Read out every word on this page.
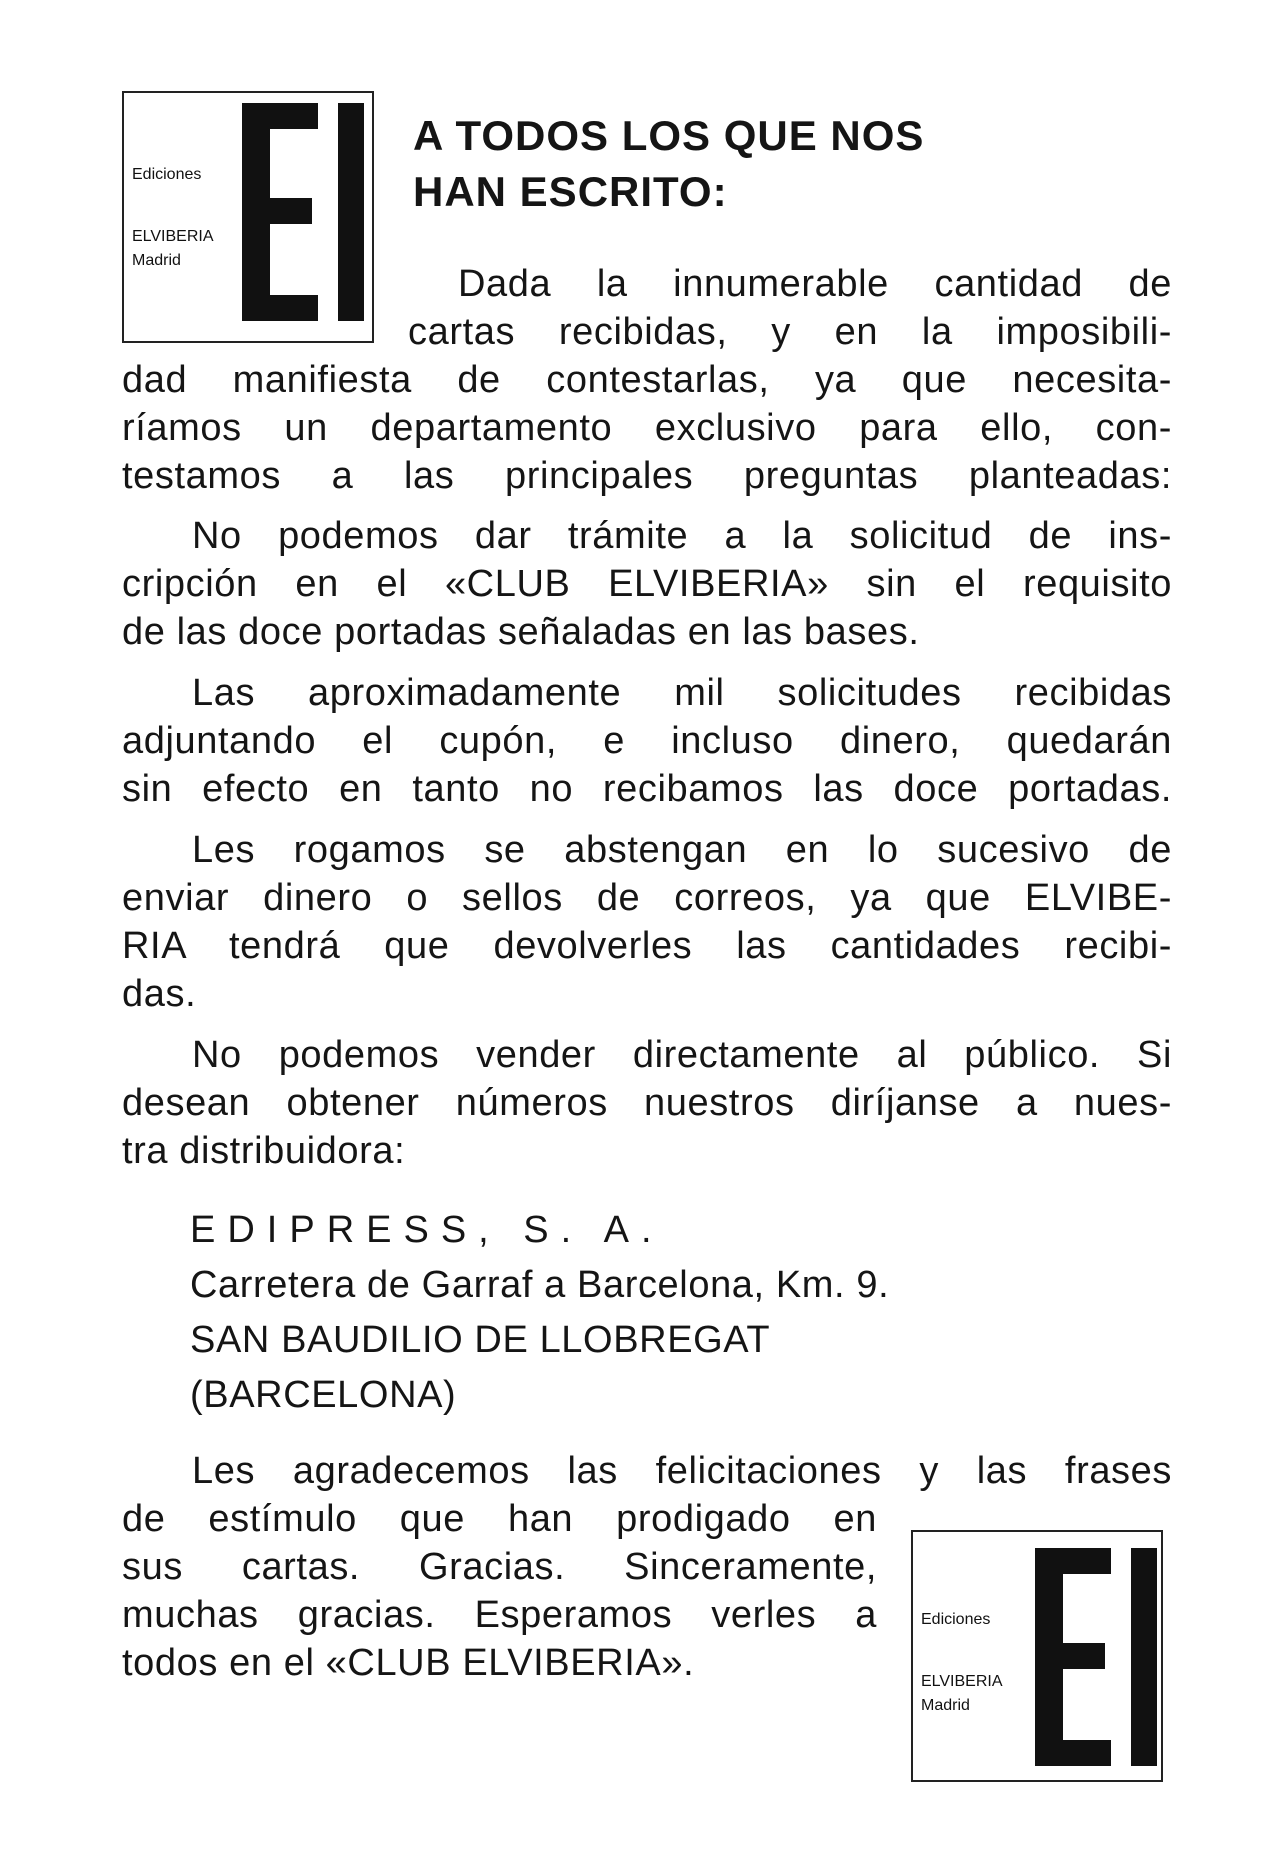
Ediciones
ELVIBERIA
Madrid
A TODOS LOS QUE NOS
HAN ESCRITO:
Dada la innumerable cantidad de
cartas recibidas, y en la imposibili-
dad manifiesta de contestarlas, ya que necesita-
ríamos un departamento exclusivo para ello, con-
testamos a las principales preguntas planteadas:
No podemos dar trámite a la solicitud de ins-
cripción en el «CLUB ELVIBERIA» sin el requisito
de las doce portadas señaladas en las bases.
Las aproximadamente mil solicitudes recibidas
adjuntando el cupón, e incluso dinero, quedarán
sin efecto en tanto no recibamos las doce portadas.
Les rogamos se abstengan en lo sucesivo de
enviar dinero o sellos de correos, ya que ELVIBE-
RIA tendrá que devolverles las cantidades recibi-
das.
No podemos vender directamente al público. Si
desean obtener números nuestros diríjanse a nues-
tra distribuidora:
EDIPRESS, S. A.
Carretera de Garraf a Barcelona, Km. 9.
SAN BAUDILIO DE LLOBREGAT
(BARCELONA)
Les agradecemos las felicitaciones y las frases
de estímulo que han prodigado en
sus cartas. Gracias. Sinceramente,
muchas gracias. Esperamos verles a
todos en el «CLUB ELVIBERIA».
Ediciones
ELVIBERIA
Madrid
